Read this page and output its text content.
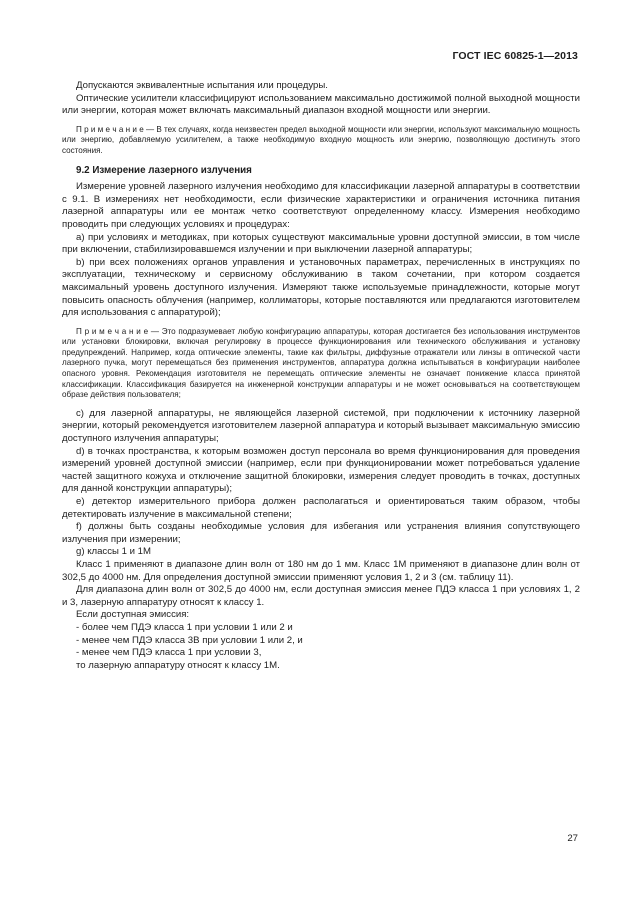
ГОСТ IEC 60825-1—2013

Допускаются эквивалентные испытания или процедуры.

Оптические усилители классифицируют использованием максимально достижимой полной выходной мощности или энергии, которая может включать максимальный диапазон входной мощности или энергии.

П р и м е ч а н и е — В тех случаях, когда неизвестен предел выходной мощности или энергии, используют максимальную мощность или энергию, добавляемую усилителем, а также необходимую входную мощность или энергию, позволяющую достигнуть этого состояния.

9.2 Измерение лазерного излучения

Измерение уровней лазерного излучения необходимо для классификации лазерной аппаратуры в соответствии с 9.1. В измерениях нет необходимости, если физические характеристики и ограничения источника питания лазерной аппаратуры или ее монтаж четко соответствуют определенному классу. Измерения необходимо проводить при следующих условиях и процедурах:

а) при условиях и методиках, при которых существуют максимальные уровни доступной эмиссии, в том числе при включении, стабилизировавшемся излучении и при выключении лазерной аппаратуры;

b) при всех положениях органов управления и установочных параметрах, перечисленных в инструкциях по эксплуатации, техническому и сервисному обслуживанию в таком сочетании, при котором создается максимальный уровень доступного излучения. Измеряют также используемые принадлежности, которые могут повысить опасность облучения (например, коллиматоры, которые поставляются или предлагаются изготовителем для использования с аппаратурой);

П р и м е ч а н и е — Это подразумевает любую конфигурацию аппаратуры, которая достигается без использования инструментов или установки блокировки, включая регулировку в процессе функционирования или технического обслуживания и установку предупреждений. Например, когда оптические элементы, такие как фильтры, диффузные отражатели или линзы в оптической части лазерного пучка, могут перемещаться без применения инструментов, аппаратура должна испытываться в конфигурации наиболее опасного уровня. Рекомендация изготовителя не перемещать оптические элементы не означает понижение класса принятой классификации. Классификация базируется на инженерной конструкции аппаратуры и не может основываться на соответствующем образе действия пользователя;

с) для лазерной аппаратуры, не являющейся лазерной системой, при подключении к источнику лазерной энергии, который рекомендуется изготовителем лазерной аппаратура и который вызывает максимальную эмиссию доступного излучения аппаратуры;

d) в точках пространства, к которым возможен доступ персонала во время функционирования для проведения измерений уровней доступной эмиссии (например, если при функционировании может потребоваться удаление частей защитного кожуха и отключение защитной блокировки, измерения следует проводить в точках, доступных для данной конструкции аппаратуры);

е) детектор измерительного прибора должен располагаться и ориентироваться таким образом, чтобы детектировать излучение в максимальной степени;

f) должны быть созданы необходимые условия для избегания или устранения влияния сопутствующего излучения при измерении;

g) классы 1 и 1М

Класс 1 применяют в диапазоне длин волн от 180 нм до 1 мм. Класс 1М применяют в диапазоне длин волн от 302,5 до 4000 нм. Для определения доступной эмиссии применяют условия 1, 2 и 3 (см. таблицу 11).

Для диапазона длин волн от 302,5 до 4000 нм, если доступная эмиссия менее ПДЭ класса 1 при условиях 1, 2 и 3, лазерную аппаратуру относят к классу 1.

Если доступная эмиссия:

- более чем ПДЭ класса 1 при условии 1 или 2 и

- менее чем ПДЭ класса 3B при условии 1 или 2, и

- менее чем ПДЭ класса 1 при условии 3,

то лазерную аппаратуру относят к классу 1М.

27
